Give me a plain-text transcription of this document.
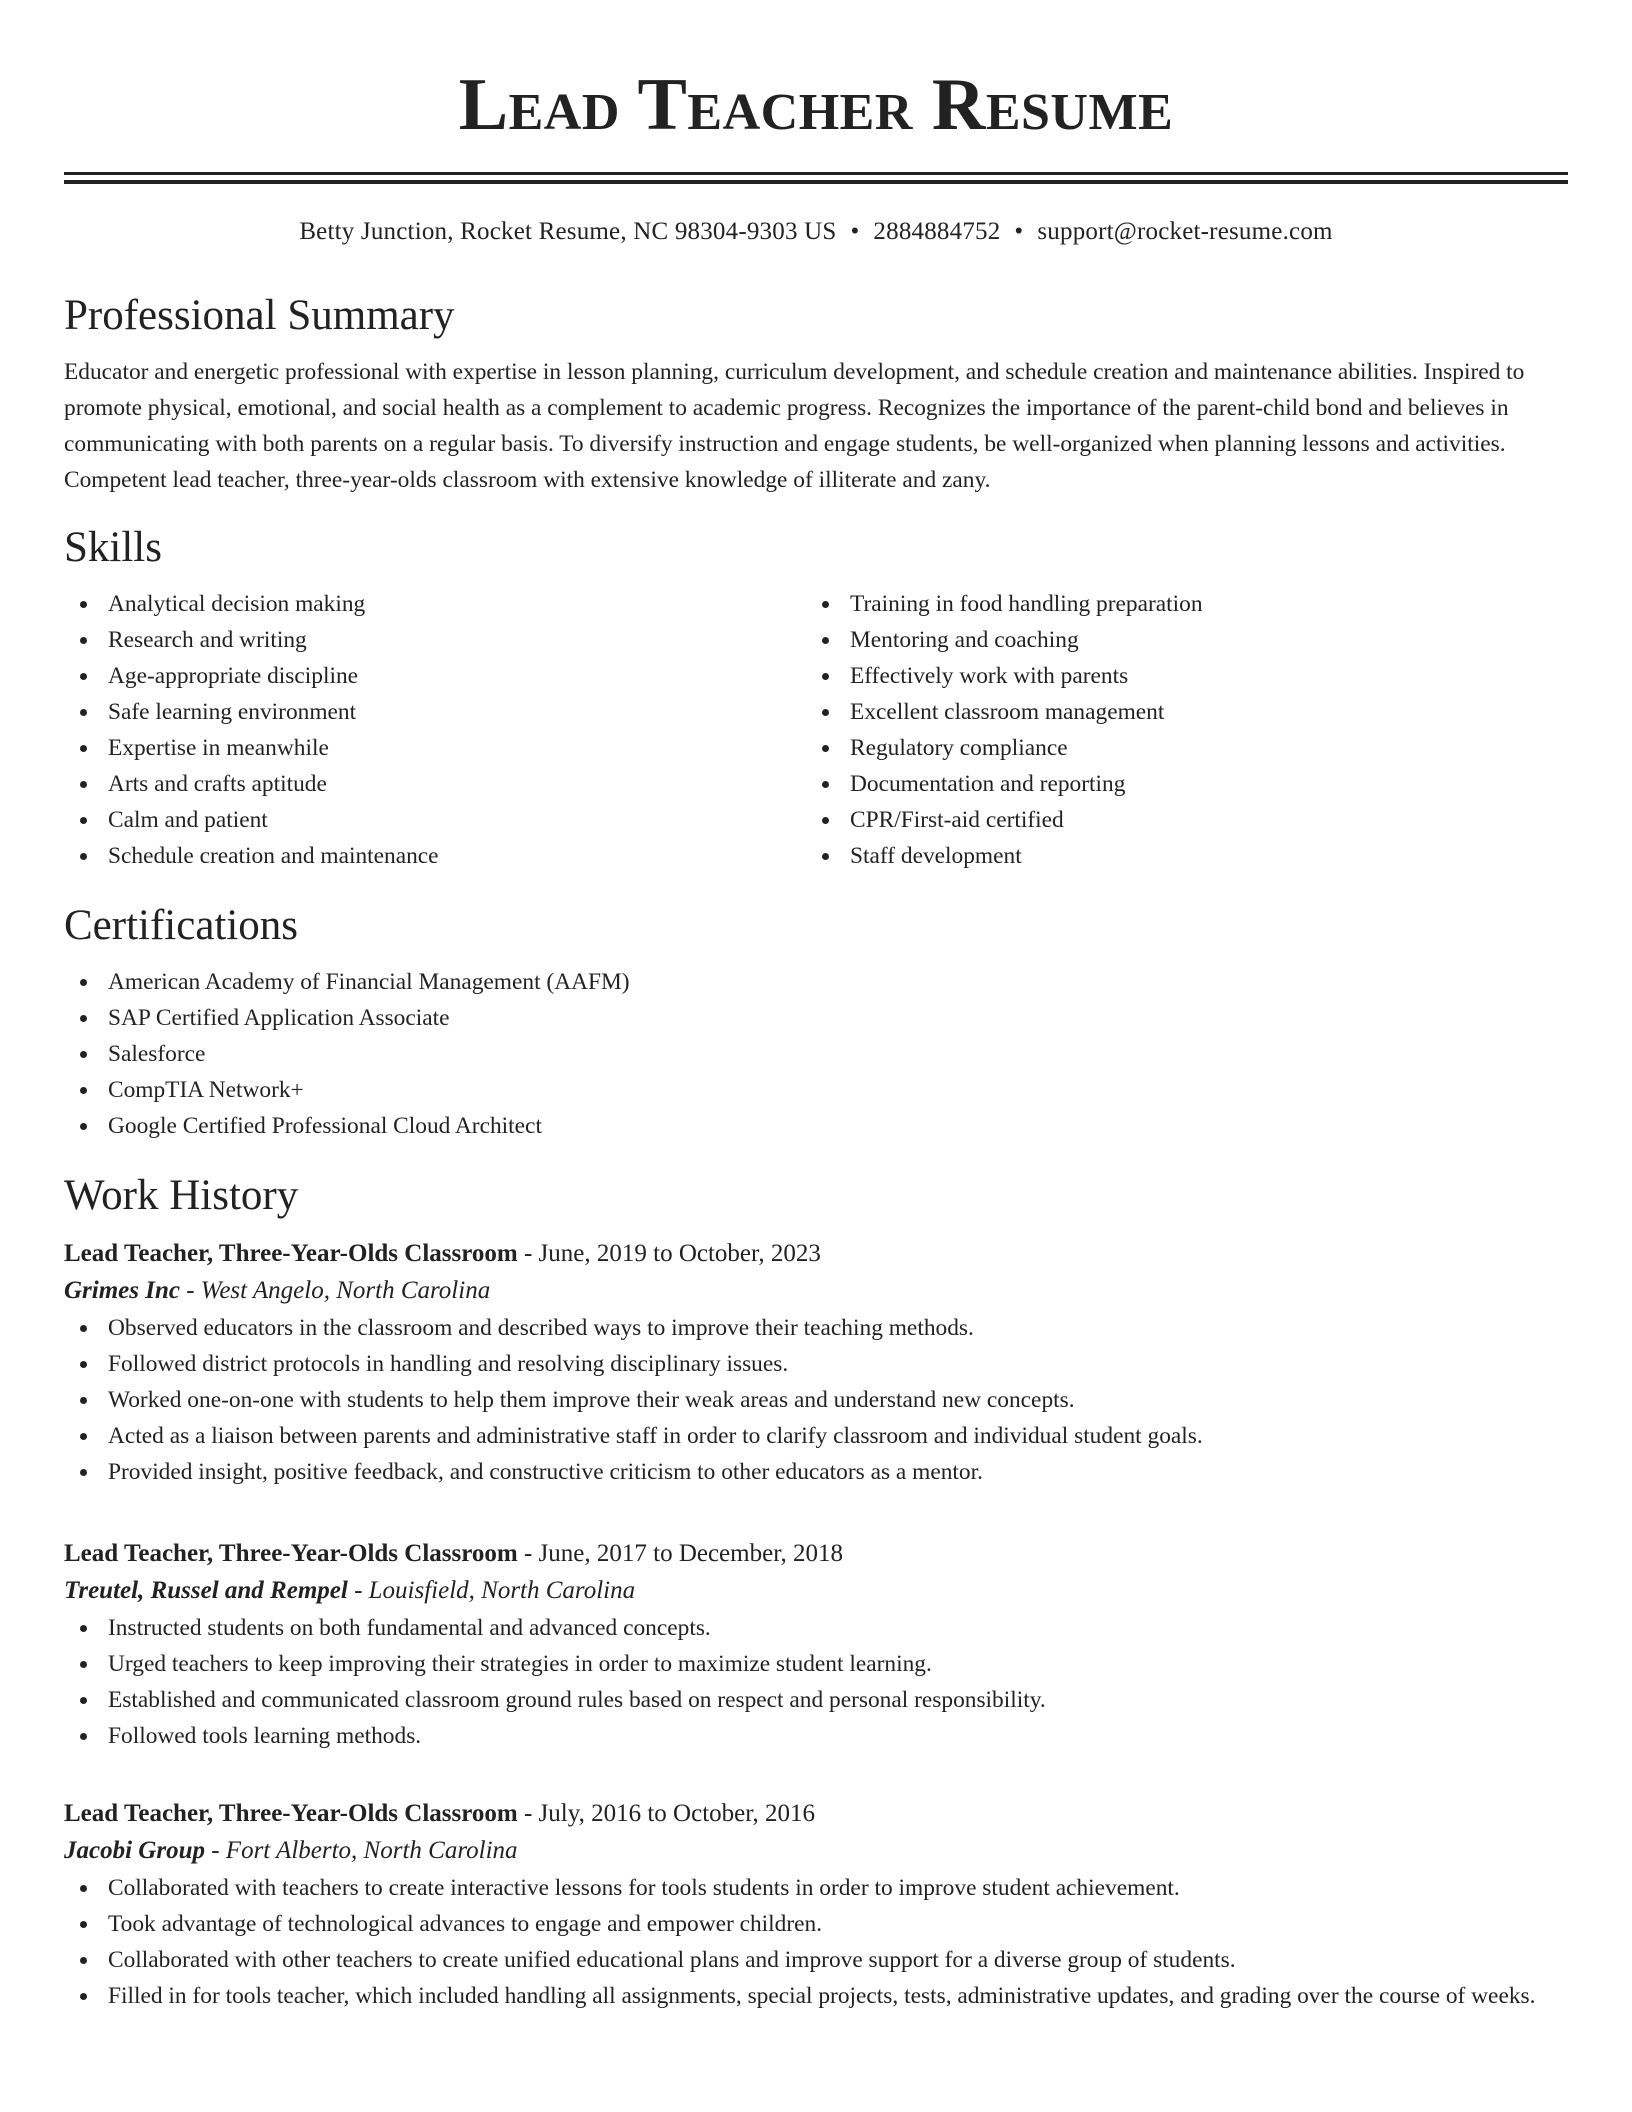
Lead Teacher Resume
Betty Junction, Rocket Resume, NC 98304-9303 US • 2884884752 • support@rocket-resume.com
Professional Summary
Educator and energetic professional with expertise in lesson planning, curriculum development, and schedule creation and maintenance abilities. Inspired to promote physical, emotional, and social health as a complement to academic progress. Recognizes the importance of the parent-child bond and believes in communicating with both parents on a regular basis. To diversify instruction and engage students, be well-organized when planning lessons and activities. Competent lead teacher, three-year-olds classroom with extensive knowledge of illiterate and zany.
Skills
Analytical decision making
Research and writing
Age-appropriate discipline
Safe learning environment
Expertise in meanwhile
Arts and crafts aptitude
Calm and patient
Schedule creation and maintenance
Training in food handling preparation
Mentoring and coaching
Effectively work with parents
Excellent classroom management
Regulatory compliance
Documentation and reporting
CPR/First-aid certified
Staff development
Certifications
American Academy of Financial Management (AAFM)
SAP Certified Application Associate
Salesforce
CompTIA Network+
Google Certified Professional Cloud Architect
Work History
Lead Teacher, Three-Year-Olds Classroom - June, 2019 to October, 2023
Grimes Inc - West Angelo, North Carolina
Observed educators in the classroom and described ways to improve their teaching methods.
Followed district protocols in handling and resolving disciplinary issues.
Worked one-on-one with students to help them improve their weak areas and understand new concepts.
Acted as a liaison between parents and administrative staff in order to clarify classroom and individual student goals.
Provided insight, positive feedback, and constructive criticism to other educators as a mentor.
Lead Teacher, Three-Year-Olds Classroom - June, 2017 to December, 2018
Treutel, Russel and Rempel - Louisfield, North Carolina
Instructed students on both fundamental and advanced concepts.
Urged teachers to keep improving their strategies in order to maximize student learning.
Established and communicated classroom ground rules based on respect and personal responsibility.
Followed tools learning methods.
Lead Teacher, Three-Year-Olds Classroom - July, 2016 to October, 2016
Jacobi Group - Fort Alberto, North Carolina
Collaborated with teachers to create interactive lessons for tools students in order to improve student achievement.
Took advantage of technological advances to engage and empower children.
Collaborated with other teachers to create unified educational plans and improve support for a diverse group of students.
Filled in for tools teacher, which included handling all assignments, special projects, tests, administrative updates, and grading over the course of weeks.
